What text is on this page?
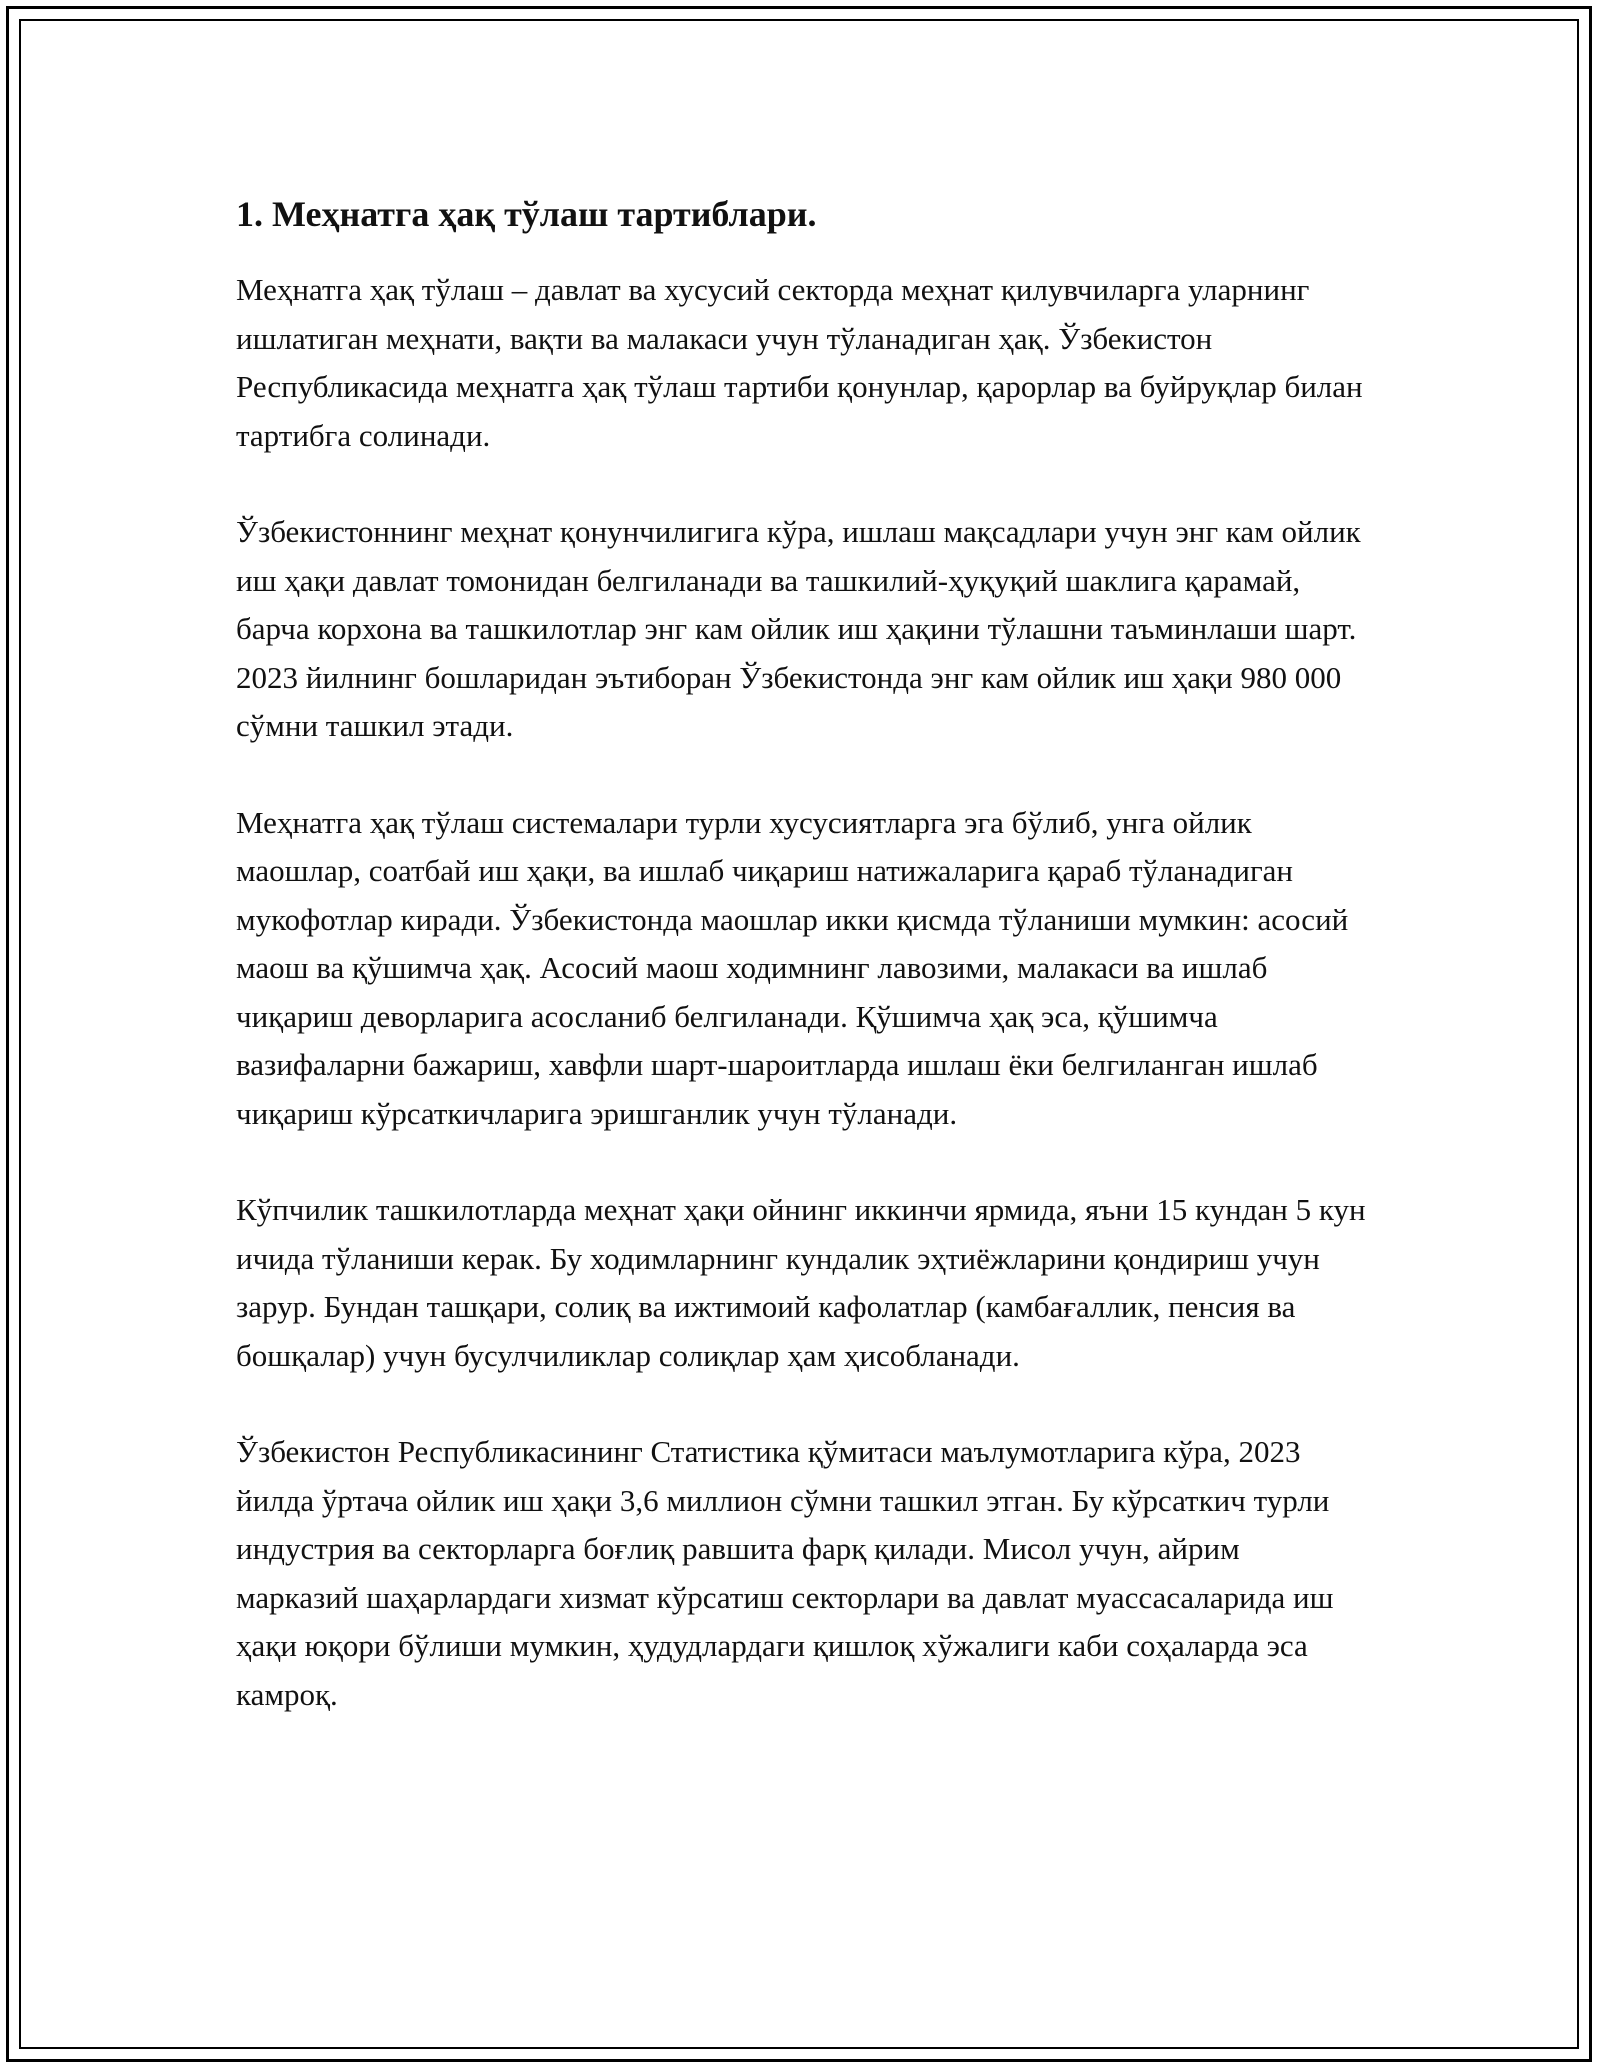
1. Меҳнатга ҳақ тўлаш тартиблари.

Меҳнатга ҳақ тўлаш – давлат ва хусусий секторда меҳнат қилувчиларга уларнинг ишлатиган меҳнати, вақти ва малакаси учун тўланадиган ҳақ. Ўзбекистон Республикасида меҳнатга ҳақ тўлаш тартиби қонунлар, қарорлар ва буйруқлар билан тартибга солинади.

Ўзбекистоннинг меҳнат қонунчилигига кўра, ишлаш мақсадлари учун энг кам ойлик иш ҳақи давлат томонидан белгиланади ва ташкилий-ҳуқуқий шаклига қарамай, барча корхона ва ташкилотлар энг кам ойлик иш ҳақини тўлашни таъминлаши шарт. 2023 йилнинг бошларидан эътиборан Ўзбекистонда энг кам ойлик иш ҳақи 980 000 сўмни ташкил этади.

Меҳнатга ҳақ тўлаш системалари турли хусусиятларга эга бўлиб, унга ойлик маошлар, соатбай иш ҳақи, ва ишлаб чиқариш натижаларига қараб тўланадиган мукофотлар киради. Ўзбекистонда маошлар икки қисмда тўланиши мумкин: асосий маош ва қўшимча ҳақ. Асосий маош ходимнинг лавозими, малакаси ва ишлаб чиқариш деворларига асосланиб белгиланади. Қўшимча ҳақ эса, қўшимча вазифаларни бажариш, хавфли шарт-шароитларда ишлаш ёки белгиланган ишлаб чиқариш кўрсаткичларига эришганлик учун тўланади.

Кўпчилик ташкилотларда меҳнат ҳақи ойнинг иккинчи ярмида, яъни 15 кундан 5 кун ичида тўланиши керак. Бу ходимларнинг кундалик эҳтиёжларини қондириш учун зарур. Бундан ташқари, солиқ ва ижтимоий кафолатлар (камбағаллик, пенсия ва бошқалар) учун бусулчиликлар солиқлар ҳам ҳисобланади.

Ўзбекистон Республикасининг Статистика қўмитаси маълумотларига кўра, 2023 йилда ўртача ойлик иш ҳақи 3,6 миллион сўмни ташкил этган. Бу кўрсаткич турли индустрия ва секторларга боғлиқ равшита фарқ қилади. Мисол учун, айрим марказий шаҳарлардаги хизмат кўрсатиш секторлари ва давлат муассасаларида иш ҳақи юқори бўлиши мумкин, ҳудудлардаги қишлоқ хўжалиги каби соҳаларда эса камроқ.
